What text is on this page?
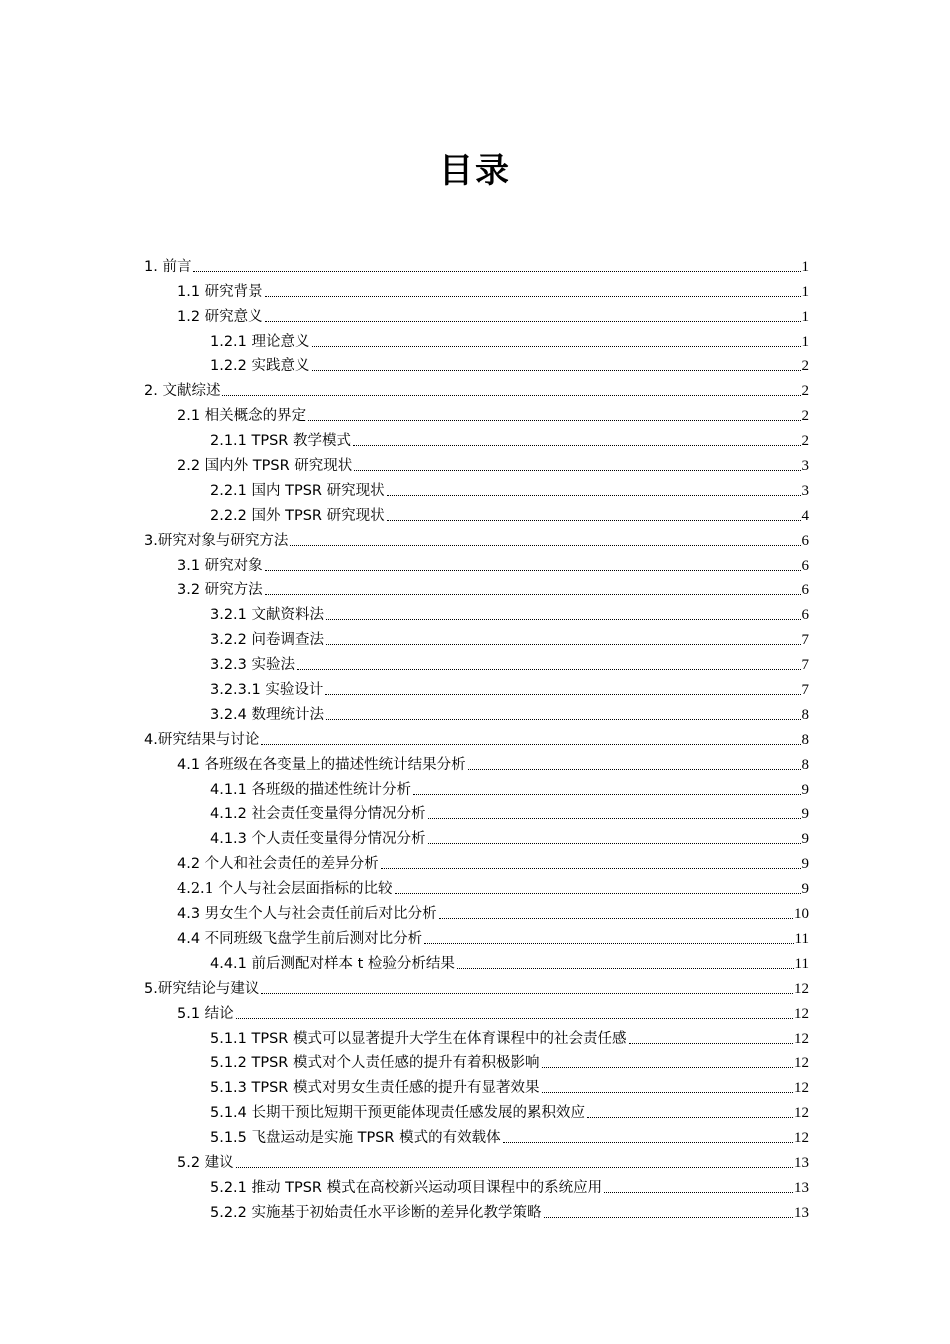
目录
1. 前言	1
1.1 研究背景	1
1.2 研究意义	1
1.2.1 理论意义	1
1.2.2 实践意义	2
2. 文献综述	2
2.1 相关概念的界定	2
2.1.1 TPSR 教学模式	2
2.2 国内外 TPSR 研究现状	3
2.2.1 国内 TPSR 研究现状	3
2.2.2 国外 TPSR 研究现状	4
3.研究对象与研究方法	6
3.1 研究对象	6
3.2 研究方法	6
3.2.1 文献资料法	6
3.2.2 问卷调查法	7
3.2.3 实验法	7
3.2.3.1 实验设计	7
3.2.4 数理统计法	8
4.研究结果与讨论	8
4.1 各班级在各变量上的描述性统计结果分析	8
4.1.1 各班级的描述性统计分析	9
4.1.2 社会责任变量得分情况分析	9
4.1.3 个人责任变量得分情况分析	9
4.2 个人和社会责任的差异分析	9
4.2.1 个人与社会层面指标的比较	9
4.3 男女生个人与社会责任前后对比分析	10
4.4 不同班级飞盘学生前后测对比分析	11
4.4.1 前后测配对样本 t 检验分析结果	11
5.研究结论与建议	12
5.1 结论	12
5.1.1 TPSR 模式可以显著提升大学生在体育课程中的社会责任感	12
5.1.2 TPSR 模式对个人责任感的提升有着积极影响	12
5.1.3 TPSR 模式对男女生责任感的提升有显著效果	12
5.1.4 长期干预比短期干预更能体现责任感发展的累积效应	12
5.1.5 飞盘运动是实施 TPSR 模式的有效载体	12
5.2 建议	13
5.2.1 推动 TPSR 模式在高校新兴运动项目课程中的系统应用	13
5.2.2 实施基于初始责任水平诊断的差异化教学策略	13
